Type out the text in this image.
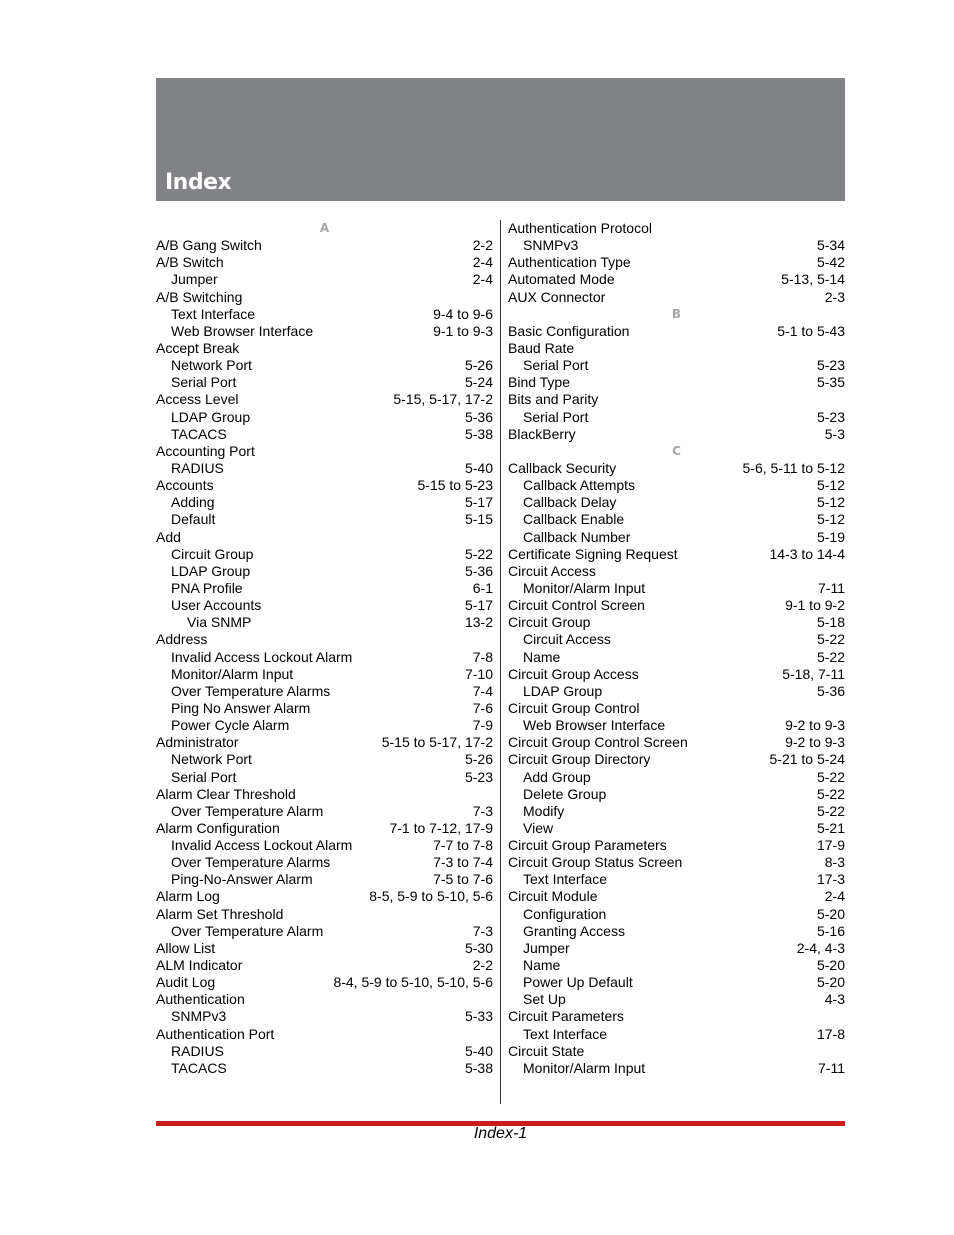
Index
A
A/B Gang Switch	2-2
A/B Switch	2-4
Jumper	2-4
A/B Switching
Text Interface	9-4 to 9-6
Web Browser Interface	9-1 to 9-3
Accept Break
Network Port	5-26
Serial Port	5-24
Access Level	5-15, 5-17, 17-2
LDAP Group	5-36
TACACS	5-38
Accounting Port
RADIUS	5-40
Accounts	5-15 to 5-23
Adding	5-17
Default	5-15
Add
Circuit Group	5-22
LDAP Group	5-36
PNA Profile	6-1
User Accounts	5-17
Via SNMP	13-2
Address
Invalid Access Lockout Alarm	7-8
Monitor/Alarm Input	7-10
Over Temperature Alarms	7-4
Ping No Answer Alarm	7-6
Power Cycle Alarm	7-9
Administrator	5-15 to 5-17, 17-2
Network Port	5-26
Serial Port	5-23
Alarm Clear Threshold
Over Temperature Alarm	7-3
Alarm Configuration	7-1 to 7-12, 17-9
Invalid Access Lockout Alarm	7-7 to 7-8
Over Temperature Alarms	7-3 to 7-4
Ping-No-Answer Alarm	7-5 to 7-6
Alarm Log	8-5, 5-9 to 5-10, 5-6
Alarm Set Threshold
Over Temperature Alarm	7-3
Allow List	5-30
ALM Indicator	2-2
Audit Log	8-4, 5-9 to 5-10, 5-10, 5-6
Authentication
SNMPv3	5-33
Authentication Port
RADIUS	5-40
TACACS	5-38
Authentication Protocol
SNMPv3	5-34
Authentication Type	5-42
Automated Mode	5-13, 5-14
AUX Connector	2-3
B
Basic Configuration	5-1 to 5-43
Baud Rate
Serial Port	5-23
Bind Type	5-35
Bits and Parity
Serial Port	5-23
BlackBerry	5-3
C
Callback Security	5-6, 5-11 to 5-12
Callback Attempts	5-12
Callback Delay	5-12
Callback Enable	5-12
Callback Number	5-19
Certificate Signing Request	14-3 to 14-4
Circuit Access
Monitor/Alarm Input	7-11
Circuit Control Screen	9-1 to 9-2
Circuit Group	5-18
Circuit Access	5-22
Name	5-22
Circuit Group Access	5-18, 7-11
LDAP Group	5-36
Circuit Group Control
Web Browser Interface	9-2 to 9-3
Circuit Group Control Screen	9-2 to 9-3
Circuit Group Directory	5-21 to 5-24
Add Group	5-22
Delete Group	5-22
Modify	5-22
View	5-21
Circuit Group Parameters	17-9
Circuit Group Status Screen	8-3
Text Interface	17-3
Circuit Module	2-4
Configuration	5-20
Granting Access	5-16
Jumper	2-4, 4-3
Name	5-20
Power Up Default	5-20
Set Up	4-3
Circuit Parameters
Text Interface	17-8
Circuit State
Monitor/Alarm Input	7-11
Index-1
